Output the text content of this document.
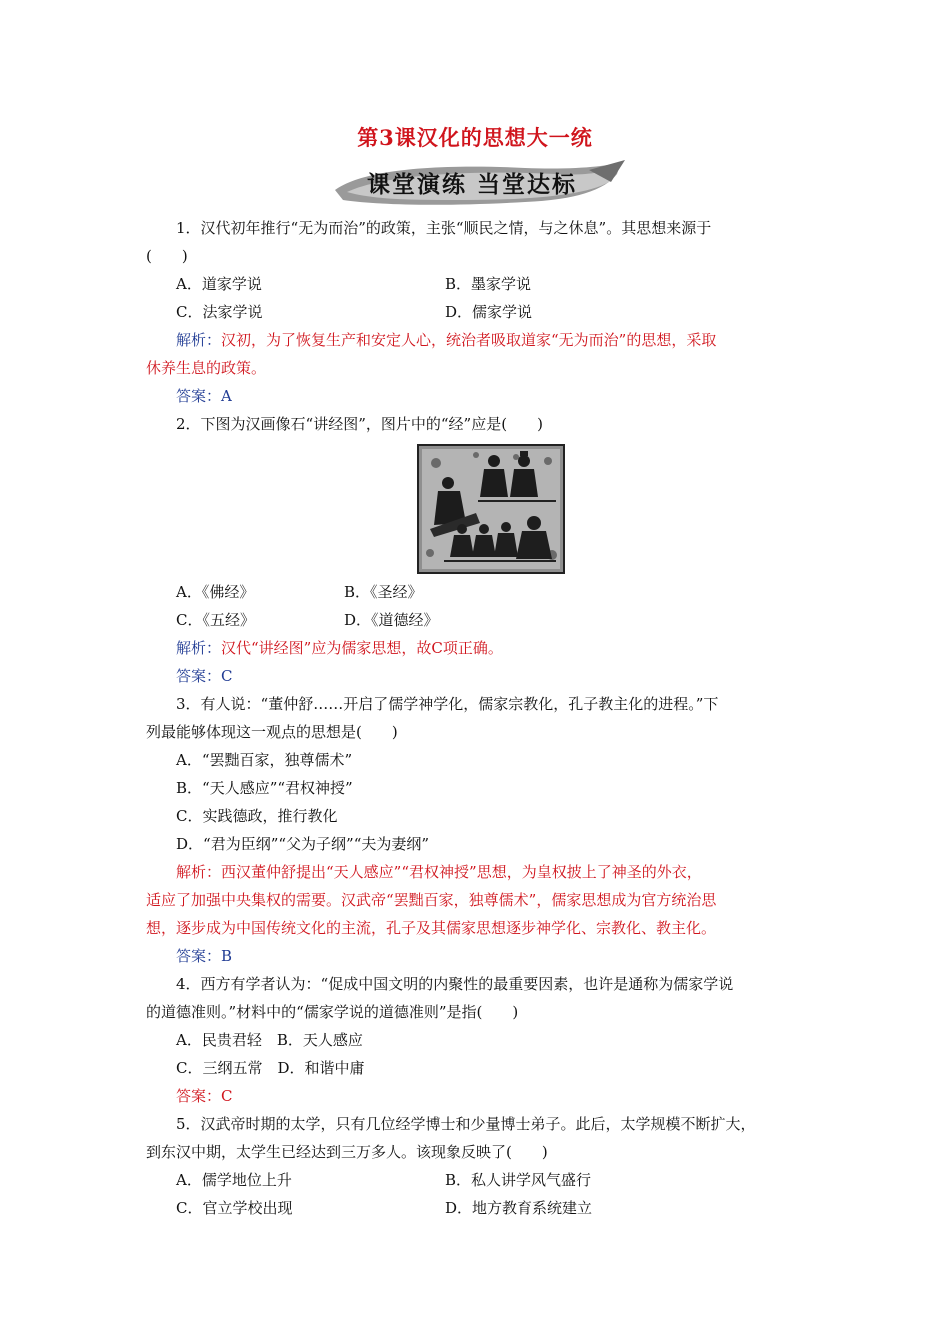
第3课汉化的思想大一统
课堂演练 当堂达标
1．汉代初年推行“无为而治”的政策，主张“顺民之情，与之休息”。其思想来源于
(　　)
A．道家学说	B．墨家学说
C．法家学说	D．儒家学说
解析：汉初，为了恢复生产和安定人心，统治者吸取道家“无为而治”的思想，采取
休养生息的政策。
答案：A
2．下图为汉画像石“讲经图”，图片中的“经”应是(　　)
A．《佛经》	B．《圣经》
C．《五经》	D．《道德经》
解析：汉代“讲经图”应为儒家思想，故C项正确。
答案：C
3．有人说：“董仲舒……开启了儒学神学化，儒家宗教化，孔子教主化的进程。”下
列最能够体现这一观点的思想是(　　)
A．“罢黜百家，独尊儒术”
B．“天人感应”“君权神授”
C．实践德政，推行教化
D．“君为臣纲”“父为子纲”“夫为妻纲”
解析：西汉董仲舒提出“天人感应”“君权神授”思想，为皇权披上了神圣的外衣，
适应了加强中央集权的需要。汉武帝“罢黜百家，独尊儒术”，儒家思想成为官方统治思
想，逐步成为中国传统文化的主流，孔子及其儒家思想逐步神学化、宗教化、教主化。
答案：B
4．西方有学者认为：“促成中国文明的内聚性的最重要因素，也许是通称为儒家学说
的道德准则。”材料中的“儒家学说的道德准则”是指(　　)
A．民贵君轻　B．天人感应
C．三纲五常　D．和谐中庸
答案：C
5．汉武帝时期的太学，只有几位经学博士和少量博士弟子。此后，太学规模不断扩大，
到东汉中期，太学生已经达到三万多人。该现象反映了(　　)
A．儒学地位上升	B．私人讲学风气盛行
C．官立学校出现	D．地方教育系统建立
